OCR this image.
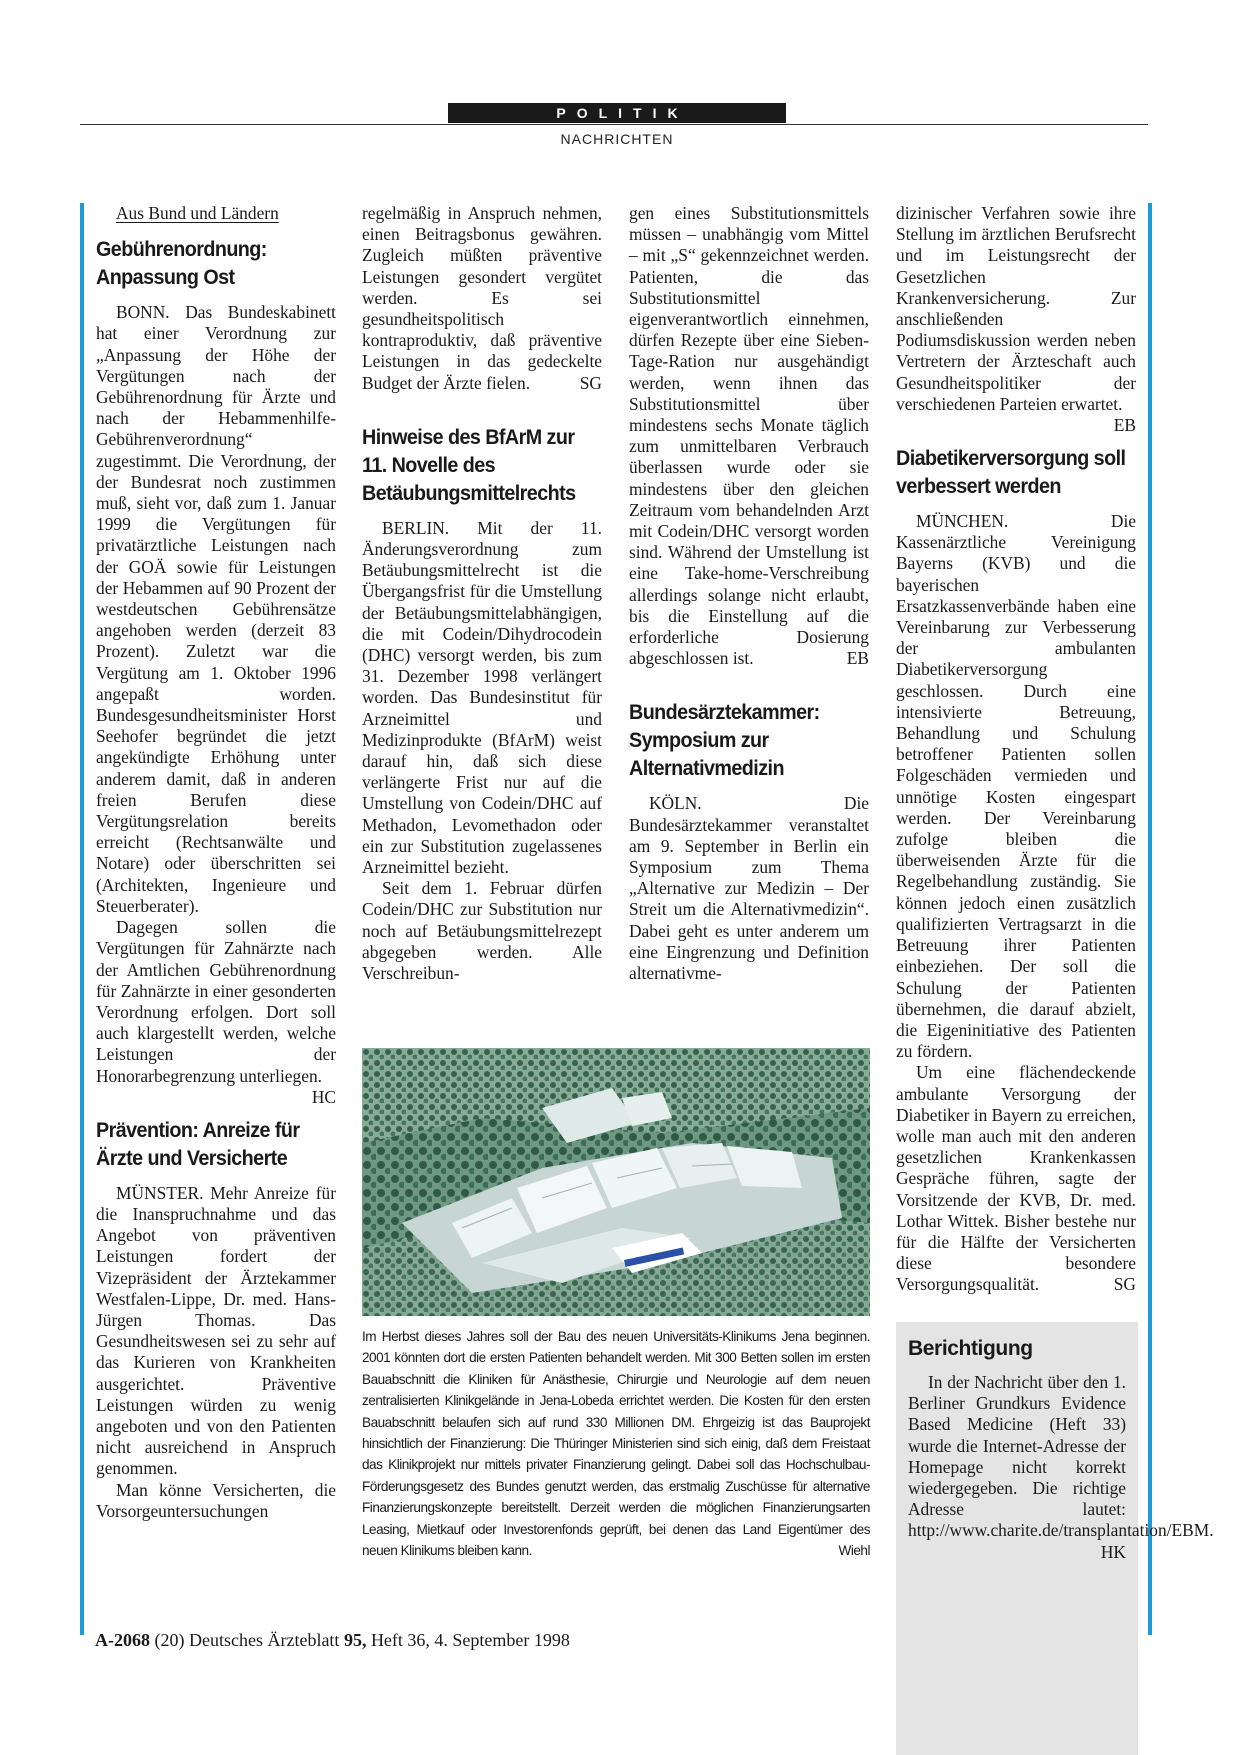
POLITIK
NACHRICHTEN

Aus Bund und Ländern

Gebührenordnung: Anpassung Ost

BONN. Das Bundeskabinett hat einer Verordnung zur „Anpassung der Höhe der Vergütungen nach der Gebührenordnung für Ärzte und nach der Hebammenhilfe-Gebührenverordnung“ zugestimmt. Die Verordnung, der der Bundesrat noch zustimmen muß, sieht vor, daß zum 1. Januar 1999 die Vergütungen für privatärztliche Leistungen nach der GOÄ sowie für Leistungen der Hebammen auf 90 Prozent der westdeutschen Gebührensätze angehoben werden (derzeit 83 Prozent). Zuletzt war die Vergütung am 1. Oktober 1996 angepaßt worden. Bundesgesundheitsminister Horst Seehofer begründet die jetzt angekündigte Erhöhung unter anderem damit, daß in anderen freien Berufen diese Vergütungsrelation bereits erreicht (Rechtsanwälte und Notare) oder überschritten sei (Architekten, Ingenieure und Steuerberater).

Dagegen sollen die Vergütungen für Zahnärzte nach der Amtlichen Gebührenordnung für Zahnärzte in einer gesonderten Verordnung erfolgen. Dort soll auch klargestellt werden, welche Leistungen der Honorarbegrenzung unterliegen.
HC

Prävention: Anreize für Ärzte und Versicherte

MÜNSTER. Mehr Anreize für die Inanspruchnahme und das Angebot von präventiven Leistungen fordert der Vizepräsident der Ärztekammer Westfalen-Lippe, Dr. med. Hans-Jürgen Thomas. Das Gesundheitswesen sei zu sehr auf das Kurieren von Krankheiten ausgerichtet. Präventive Leistungen würden zu wenig angeboten und von den Patienten nicht ausreichend in Anspruch genommen.

Man könne Versicherten, die Vorsorgeuntersuchungen

regelmäßig in Anspruch nehmen, einen Beitragsbonus gewähren. Zugleich müßten präventive Leistungen gesondert vergütet werden. Es sei gesundheitspolitisch kontraproduktiv, daß präventive Leistungen in das gedeckelte Budget der Ärzte fielen.	SG

Hinweise des BfArM zur 11. Novelle des Betäubungsmittelrechts

BERLIN. Mit der 11. Änderungsverordnung zum Betäubungsmittelrecht ist die Übergangsfrist für die Umstellung der Betäubungsmittelabhängigen, die mit Codein/Dihydrocodein (DHC) versorgt werden, bis zum 31. Dezember 1998 verlängert worden. Das Bundesinstitut für Arzneimittel und Medizinprodukte (BfArM) weist darauf hin, daß sich diese verlängerte Frist nur auf die Umstellung von Codein/DHC auf Methadon, Levomethadon oder ein zur Substitution zugelassenes Arzneimittel bezieht.

Seit dem 1. Februar dürfen Codein/DHC zur Substitution nur noch auf Betäubungsmittelrezept abgegeben werden. Alle Verschreibun-

gen eines Substitutionsmittels müssen – unabhängig vom Mittel – mit „S“ gekennzeichnet werden. Patienten, die das Substitutionsmittel eigenverantwortlich einnehmen, dürfen Rezepte über eine Sieben-Tage-Ration nur ausgehändigt werden, wenn ihnen das Substitutionsmittel über mindestens sechs Monate täglich zum unmittelbaren Verbrauch überlassen wurde oder sie mindestens über den gleichen Zeitraum vom behandelnden Arzt mit Codein/DHC versorgt worden sind. Während der Umstellung ist eine Take-home-Verschreibung allerdings solange nicht erlaubt, bis die Einstellung auf die erforderliche Dosierung abgeschlossen ist.	EB

Bundesärztekammer: Symposium zur Alternativmedizin

KÖLN. Die Bundesärztekammer veranstaltet am 9. September in Berlin ein Symposium zum Thema „Alternative zur Medizin – Der Streit um die Alternativmedizin“. Dabei geht es unter anderem um eine Eingrenzung und Definition alternativme-

dizinischer Verfahren sowie ihre Stellung im ärztlichen Berufsrecht und im Leistungsrecht der Gesetzlichen Krankenversicherung. Zur anschließenden Podiumsdiskussion werden neben Vertretern der Ärzteschaft auch Gesundheitspolitiker der verschiedenen Parteien erwartet.
EB

Diabetikerversorgung soll verbessert werden

MÜNCHEN. Die Kassenärztliche Vereinigung Bayerns (KVB) und die bayerischen Ersatzkassenverbände haben eine Vereinbarung zur Verbesserung der ambulanten Diabetikerversorgung geschlossen. Durch eine intensivierte Betreuung, Behandlung und Schulung betroffener Patienten sollen Folgeschäden vermieden und unnötige Kosten eingespart werden. Der Vereinbarung zufolge bleiben die überweisenden Ärzte für die Regelbehandlung zuständig. Sie können jedoch einen zusätzlich qualifizierten Vertragsarzt in die Betreuung ihrer Patienten einbeziehen. Der soll die Schulung der Patienten übernehmen, die darauf abzielt, die Eigeninitiative des Patienten zu fördern.

Um eine flächendeckende ambulante Versorgung der Diabetiker in Bayern zu erreichen, wolle man auch mit den anderen gesetzlichen Krankenkassen Gespräche führen, sagte der Vorsitzende der KVB, Dr. med. Lothar Wittek. Bisher bestehe nur für die Hälfte der Versicherten diese besondere Versorgungsqualität.	SG

Im Herbst dieses Jahres soll der Bau des neuen Universitäts-Klinikums Jena beginnen. 2001 könnten dort die ersten Patienten behandelt werden. Mit 300 Betten sollen im ersten Bauabschnitt die Kliniken für Anästhesie, Chirurgie und Neurologie auf dem neuen zentralisierten Klinikgelände in Jena-Lobeda errichtet werden. Die Kosten für den ersten Bauabschnitt belaufen sich auf rund 330 Millionen DM. Ehrgeizig ist das Bauprojekt hinsichtlich der Finanzierung: Die Thüringer Ministerien sind sich einig, daß dem Freistaat das Klinikprojekt nur mittels privater Finanzierung gelingt. Dabei soll das Hochschulbau-Förderungsgesetz des Bundes genutzt werden, das erstmalig Zuschüsse für alternative Finanzierungskonzepte bereitstellt. Derzeit werden die möglichen Finanzierungsarten Leasing, Mietkauf oder Investorenfonds geprüft, bei denen das Land Eigentümer des neuen Klinikums bleiben kann.	Wiehl
Berichtigung

In der Nachricht über den 1. Berliner Grundkurs Evidence Based Medicine (Heft 33) wurde die Internet-Adresse der Homepage nicht korrekt wiedergegeben. Die richtige Adresse lautet: http://www.charite.de/transplantation/EBM.
HK

A-2068 (20) Deutsches Ärzteblatt 95, Heft 36, 4. September 1998
